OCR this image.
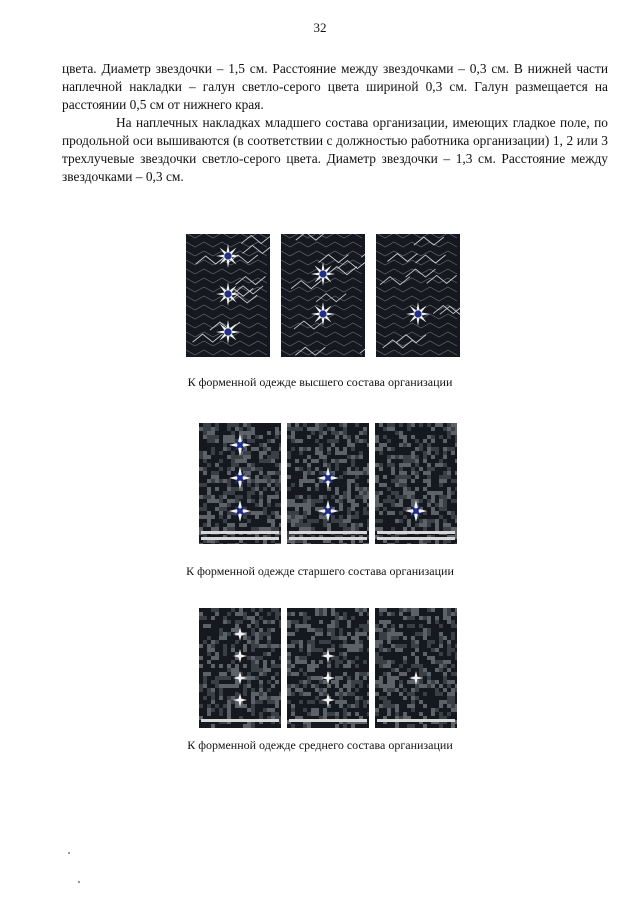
32

цвета. Диаметр звездочки – 1,5 см. Расстояние между звездочками – 0,3 см. В нижней части наплечной накладки – галун светло-серого цвета шириной 0,3 см. Галун размещается на расстоянии 0,5 см от нижнего края.

На наплечных накладках младшего состава организации, имеющих гладкое поле, по продольной оси вышиваются (в соответствии с должностью работника организации) 1, 2 или 3 трехлучевые звездочки светло-серого цвета. Диаметр звездочки – 1,3 см. Расстояние между звездочками – 0,3 см.

К форменной одежде высшего состава организации
К форменной одежде старшего состава организации
К форменной одежде среднего состава организации
